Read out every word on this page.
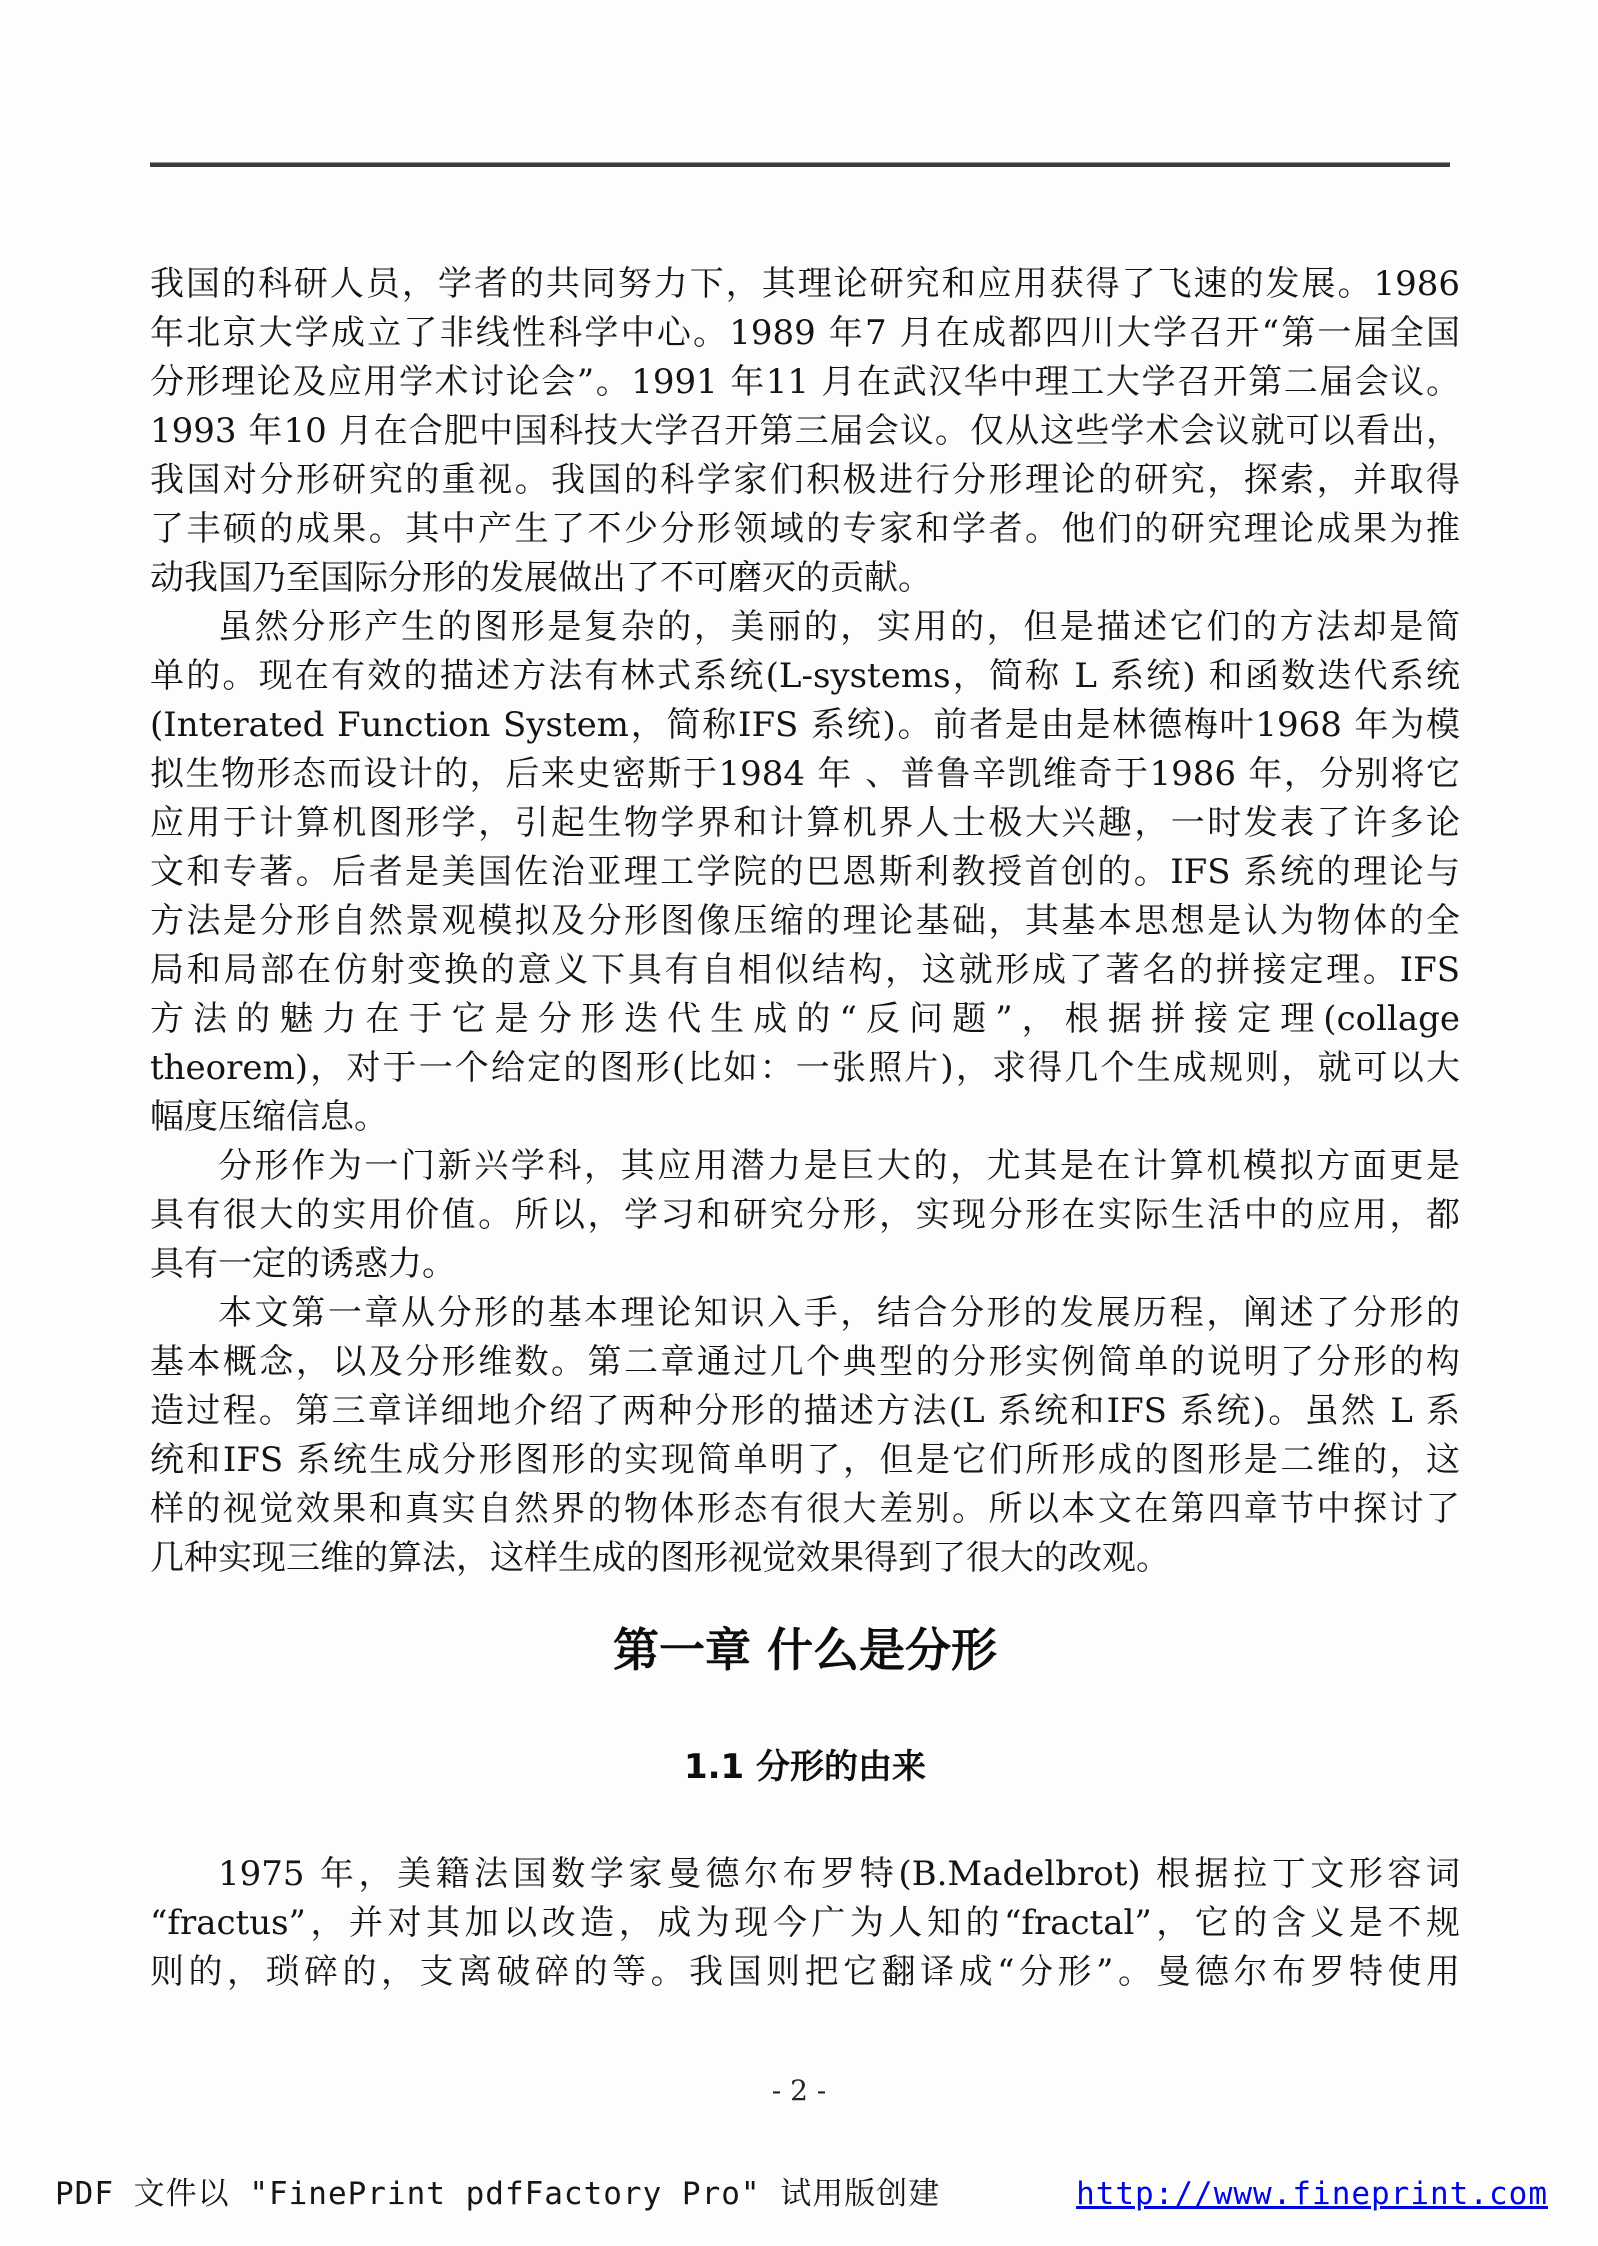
我国的科研人员，学者的共同努力下，其理论研究和应用获得了飞速的发展。1986
年北京大学成立了非线性科学中心。1989 年7 月在成都四川大学召开“第一届全国
分形理论及应用学术讨论会”。1991 年11 月在武汉华中理工大学召开第二届会议。
1993 年10 月在合肥中国科技大学召开第三届会议。仅从这些学术会议就可以看出，
我国对分形研究的重视。我国的科学家们积极进行分形理论的研究，探索，并取得
了丰硕的成果。其中产生了不少分形领域的专家和学者。他们的研究理论成果为推
动我国乃至国际分形的发展做出了不可磨灭的贡献。
虽然分形产生的图形是复杂的，美丽的，实用的，但是描述它们的方法却是简
单的。现在有效的描述方法有林式系统(L-systems，简称 L 系统) 和函数迭代系统
(Interated Function System，简称IFS 系统)。前者是由是林德梅叶1968 年为模
拟生物形态而设计的，后来史密斯于1984 年 、普鲁辛凯维奇于1986 年，分别将它
应用于计算机图形学，引起生物学界和计算机界人士极大兴趣，一时发表了许多论
文和专著。后者是美国佐治亚理工学院的巴恩斯利教授首创的。IFS 系统的理论与
方法是分形自然景观模拟及分形图像压缩的理论基础，其基本思想是认为物体的全
局和局部在仿射变换的意义下具有自相似结构，这就形成了著名的拼接定理。IFS
方法的魅力在于它是分形迭代生成的“反问题”，根据拼接定理(collage
theorem)，对于一个给定的图形(比如：一张照片)，求得几个生成规则，就可以大
幅度压缩信息。
分形作为一门新兴学科，其应用潜力是巨大的，尤其是在计算机模拟方面更是
具有很大的实用价值。所以，学习和研究分形，实现分形在实际生活中的应用，都
具有一定的诱惑力。
本文第一章从分形的基本理论知识入手，结合分形的发展历程，阐述了分形的
基本概念，以及分形维数。第二章通过几个典型的分形实例简单的说明了分形的构
造过程。第三章详细地介绍了两种分形的描述方法(L 系统和IFS 系统)。虽然 L 系
统和IFS 系统生成分形图形的实现简单明了，但是它们所形成的图形是二维的，这
样的视觉效果和真实自然界的物体形态有很大差别。所以本文在第四章节中探讨了
几种实现三维的算法，这样生成的图形视觉效果得到了很大的改观。
第一章 什么是分形
1.1 分形的由来
1975 年，美籍法国数学家曼德尔布罗特(B.Madelbrot) 根据拉丁文形容词
“fractus”，并对其加以改造，成为现今广为人知的“fractal”，它的含义是不规
则的，琐碎的，支离破碎的等。我国则把它翻译成“分形”。曼德尔布罗特使用
- 2 -
PDF 文件以 "FinePrint pdfFactory Pro" 试用版创建	http://www.fineprint.com
